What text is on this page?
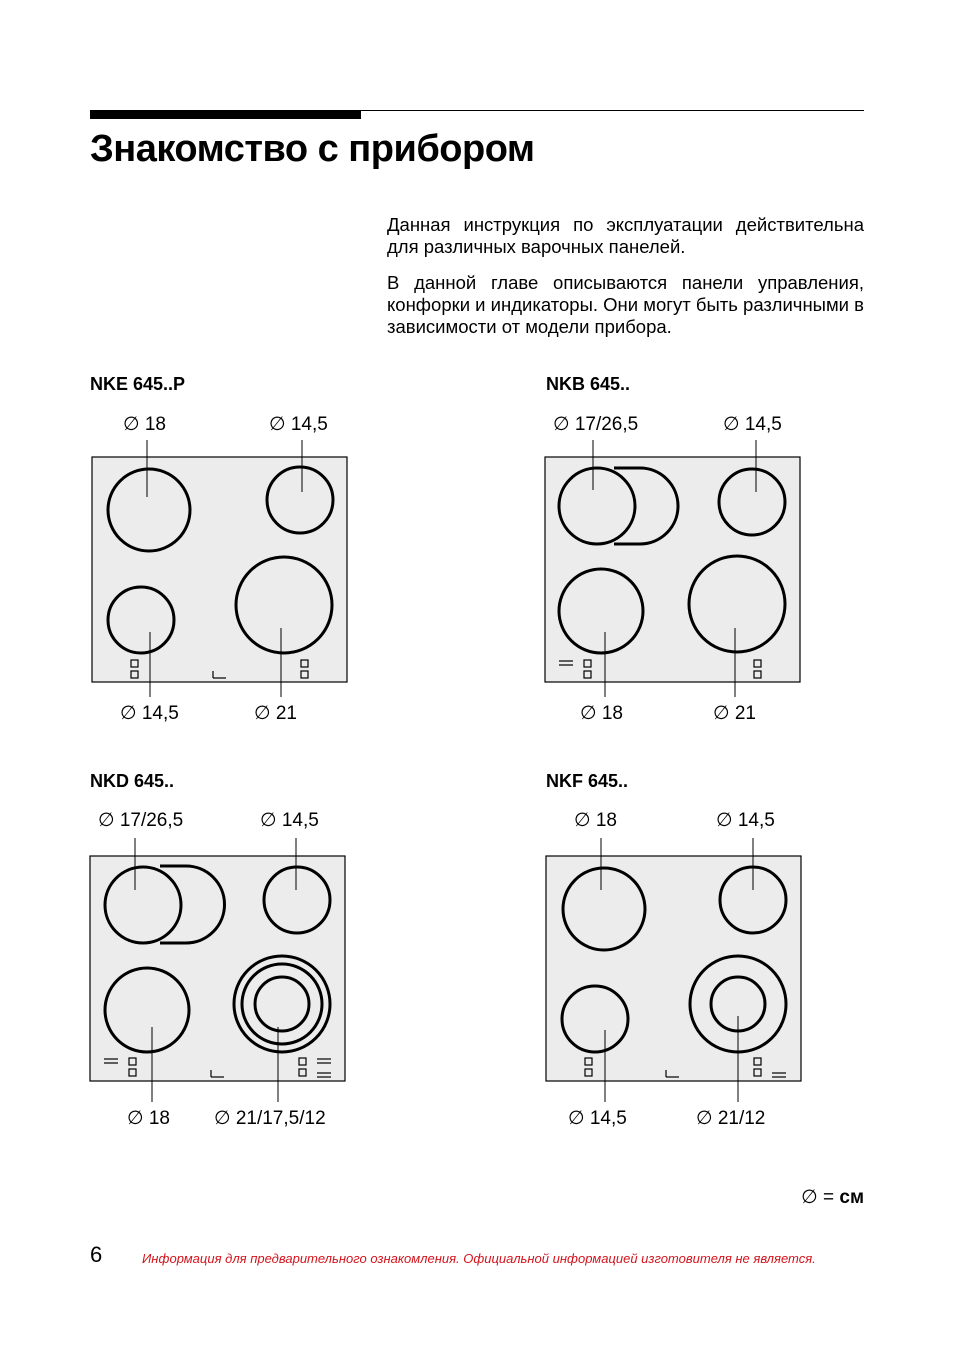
Знакомство с прибором

Данная инструкция по эксплуатации действительна для различных варочных панелей.

В данной главе описываются панели управления, конфорки и индикаторы. Они могут быть различными в зависимости от модели прибора.

NKE 645..P
∅ 18	∅ 14,5
∅ 14,5	∅ 21
NKB 645..
∅ 17/26,5	∅ 14,5
∅ 18	∅ 21
NKD 645..
∅ 17/26,5	∅ 14,5
∅ 18 ∅ 21/17,5/12
NKF 645..
∅ 18	∅ 14,5
∅ 14,5	∅ 21/12
∅ = см
6	Информация для предварительного ознакомления. Официальной информацией изготовителя не является.
